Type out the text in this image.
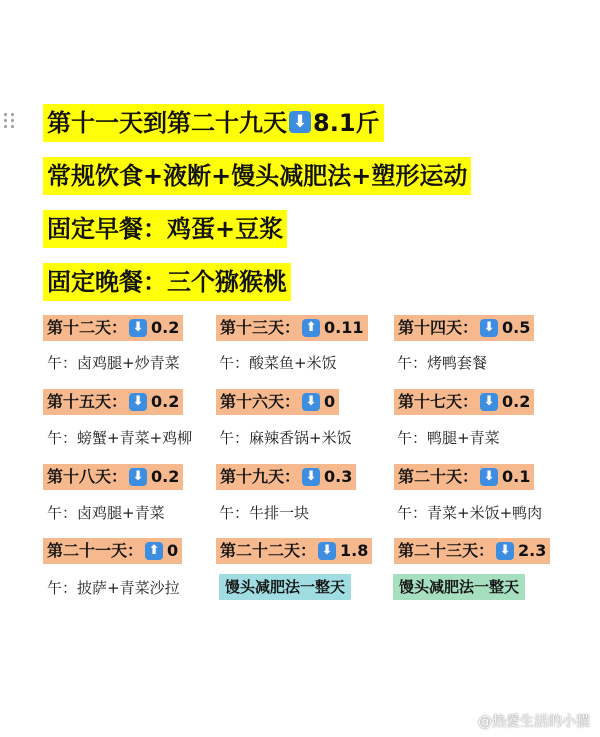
第十一天到第二十九天 ⬇ 8.1斤
常规饮食+液断+馒头减肥法+塑形运动
固定早餐：鸡蛋+豆浆
固定晚餐：三个猕猴桃
第十二天： ⬇ 0.2	第十三天： ⬆ 0.11 第十四天： ⬇ 0.5
午：卤鸡腿+炒青菜	午：酸菜鱼+米饭	午：烤鸭套餐
第十五天： ⬇ 0.2	第十六天： ⬇ 0	第十七天： ⬇ 0.2
午：螃蟹+青菜+鸡柳 午：麻辣香锅+米饭	午：鸭腿+青菜
第十八天： ⬇ 0.2	第十九天： ⬇ 0.3	第二十天： ⬇ 0.1
午：卤鸡腿+青菜	午：牛排一块	午：青菜+米饭+鸭肉
第二十一天： ⬆ 0	第二十二天： ⬇ 1.8 第二十三天： ⬇ 2.3
午：披萨+青菜沙拉	馒头减肥法一整天	馒头减肥法一整天
@热爱生活的小猫
